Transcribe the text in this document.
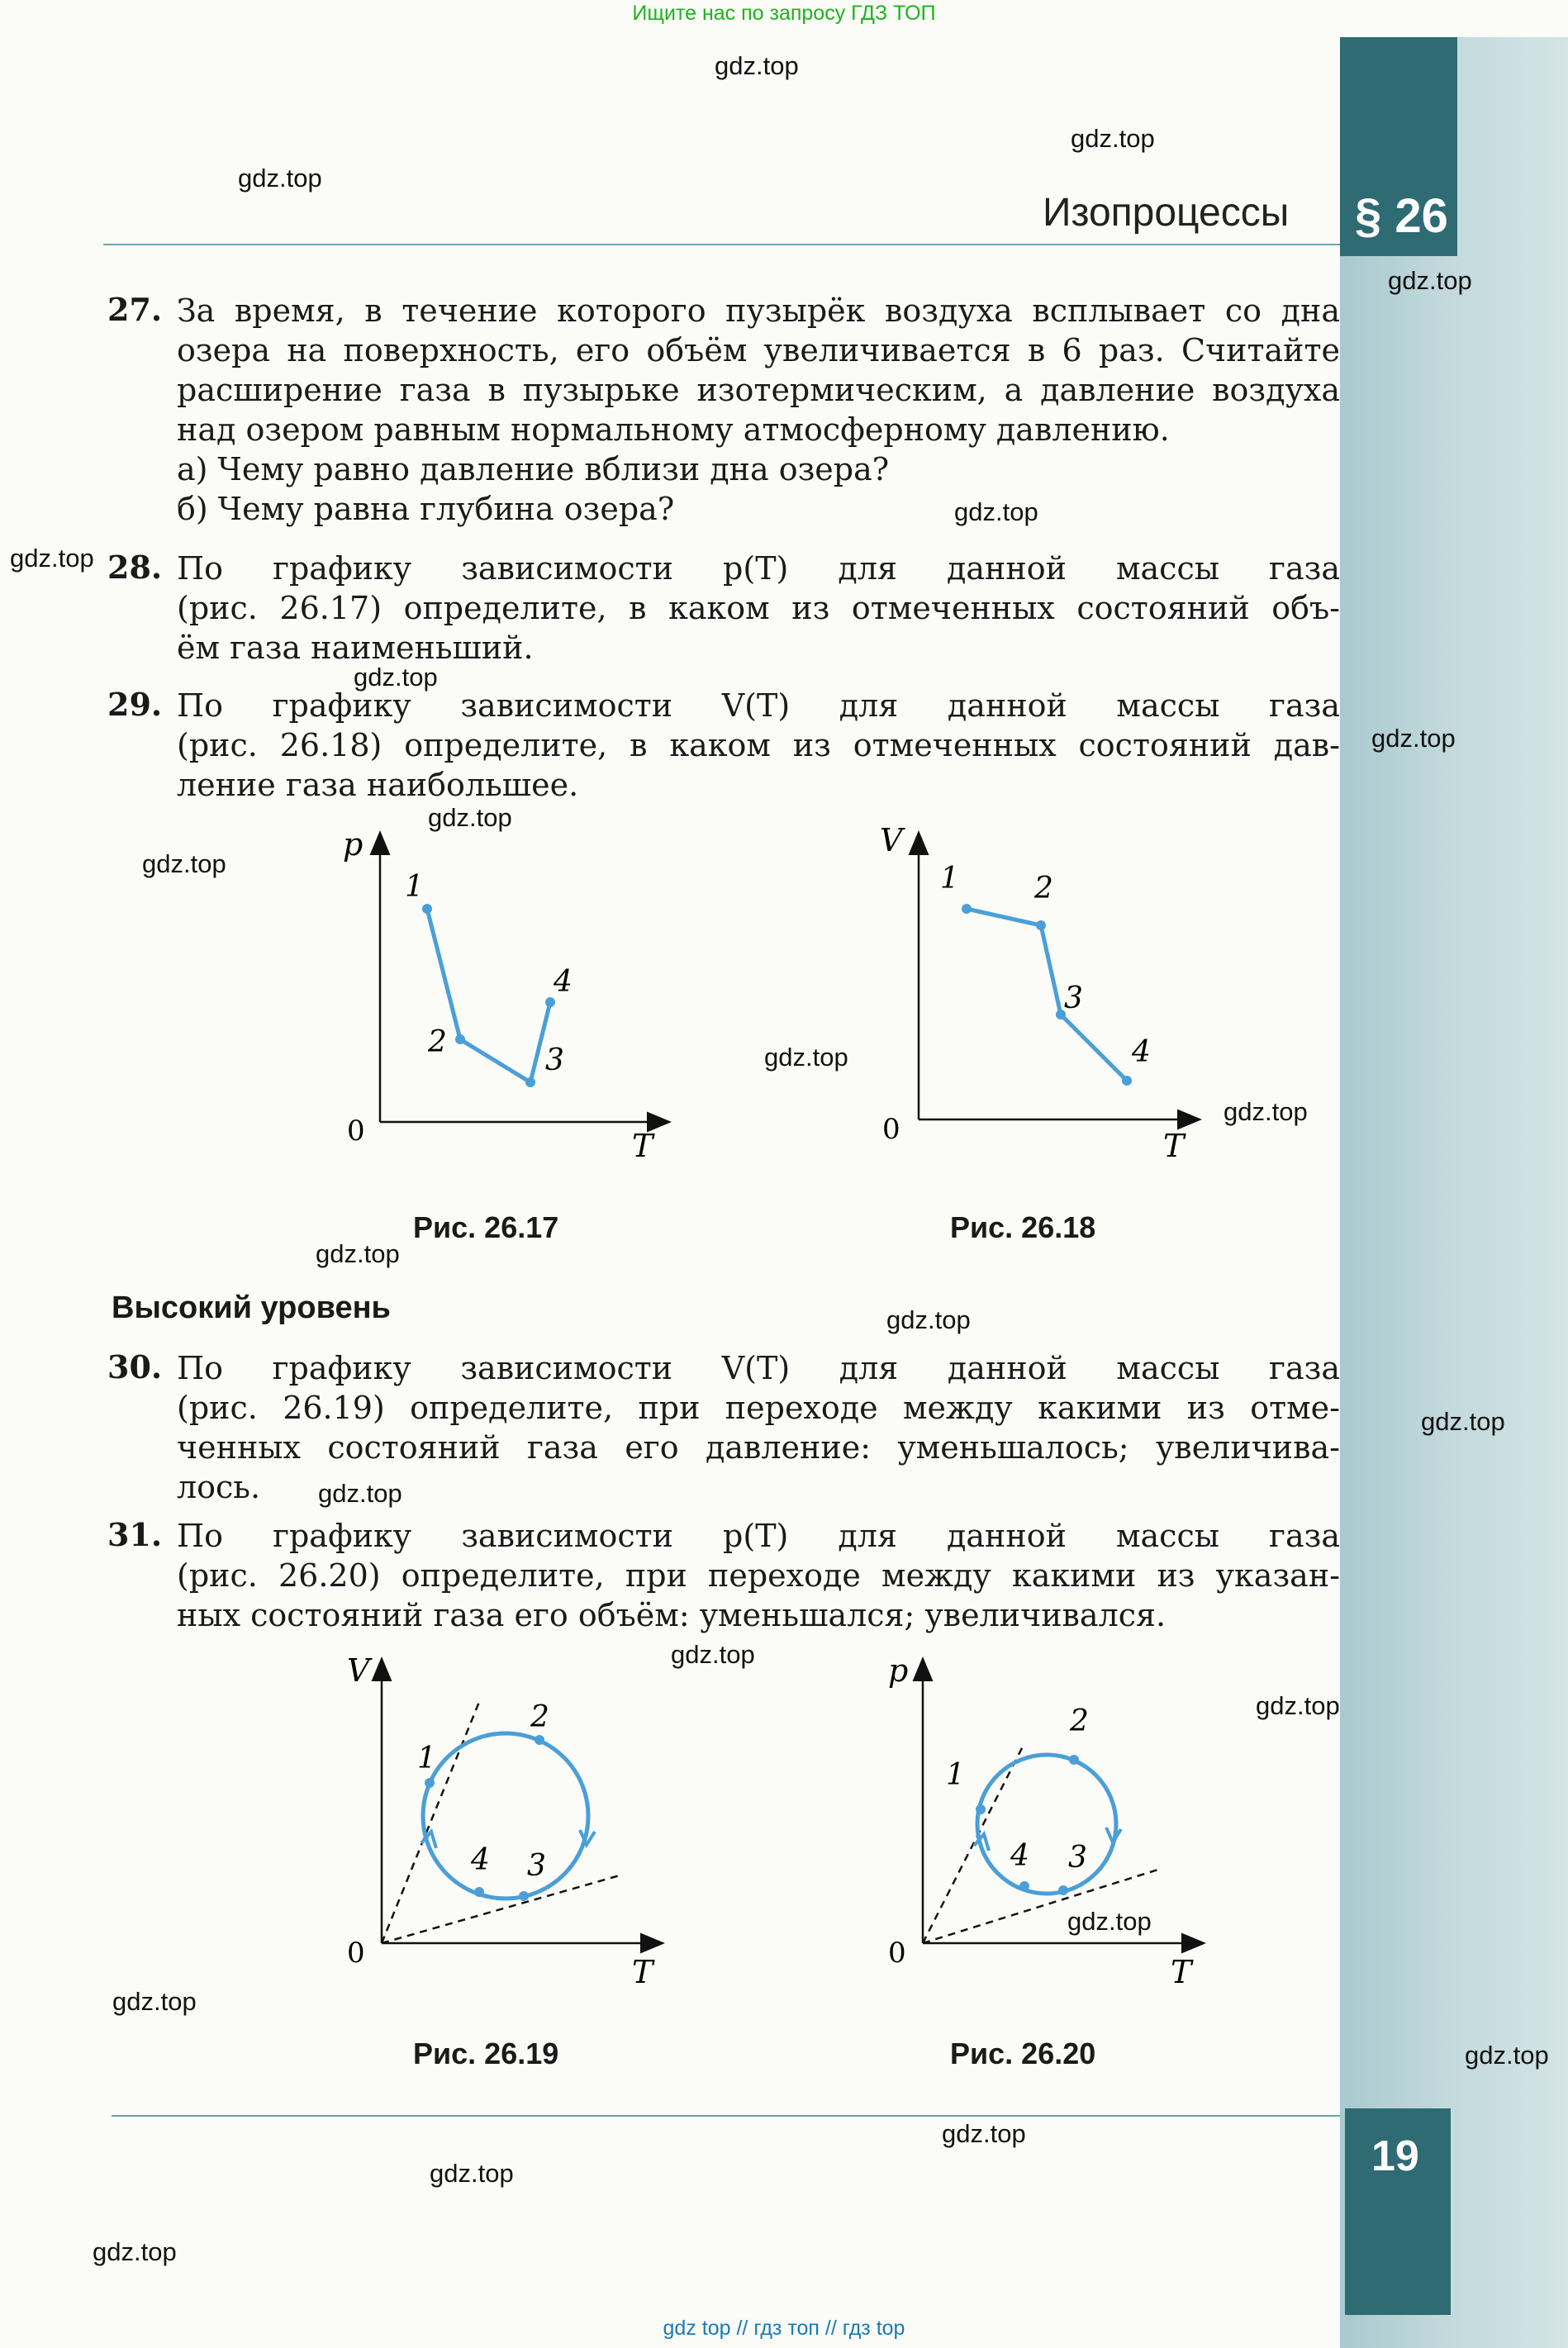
Ищите нас по запросу ГДЗ ТОП
§ 26
Изопроцессы
27. За время, в течение которого пузырёк воздуха всплывает со дна
озера на поверхность, его объём увеличивается в 6 раз. Считайте
расширение газа в пузырьке изотермическим, а давление воздуха
над озером равным нормальному атмосферному давлению.
а) Чему равно давление вблизи дна озера?
б) Чему равна глубина озера?
28. По графику зависимости p(T) для данной массы газа
(рис. 26.17) определите, в каком из отмеченных состояний объ-
ём газа наименьший.
29. По графику зависимости V(T) для данной массы газа
(рис. 26.18) определите, в каком из отмеченных состояний дав-
ление газа наибольшее.
p
T
0
1
2
3
4
Рис. 26.17
V
T
0
1	2
3
4
Рис. 26.18
Высокий уровень
30. По графику зависимости V(T) для данной массы газа
(рис. 26.19) определите, при переходе между какими из отме-
ченных состояний газа его давление: уменьшалось; увеличива-
лось.
31. По графику зависимости p(T) для данной массы газа
(рис. 26.20) определите, при переходе между какими из указан-
ных состояний газа его объём: уменьшался; увеличивался.
V
T
0
1
2
3
4
Рис. 26.19
p
T
0
1
2
3
4
Рис. 26.20
19
gdz.top
gdz.top
gdz.top
gdz.top
gdz.top
gdz.top
gdz.top
gdz.top
gdz.top
gdz.top
gdz.top
gdz.top
gdz.top
gdz.top
gdz.top
gdz.top
gdz.top
gdz.top
gdz.top
gdz.top
gdz.top
gdz.top
gdz.top
gdz.top
gdz top // гдз топ // гдз top
